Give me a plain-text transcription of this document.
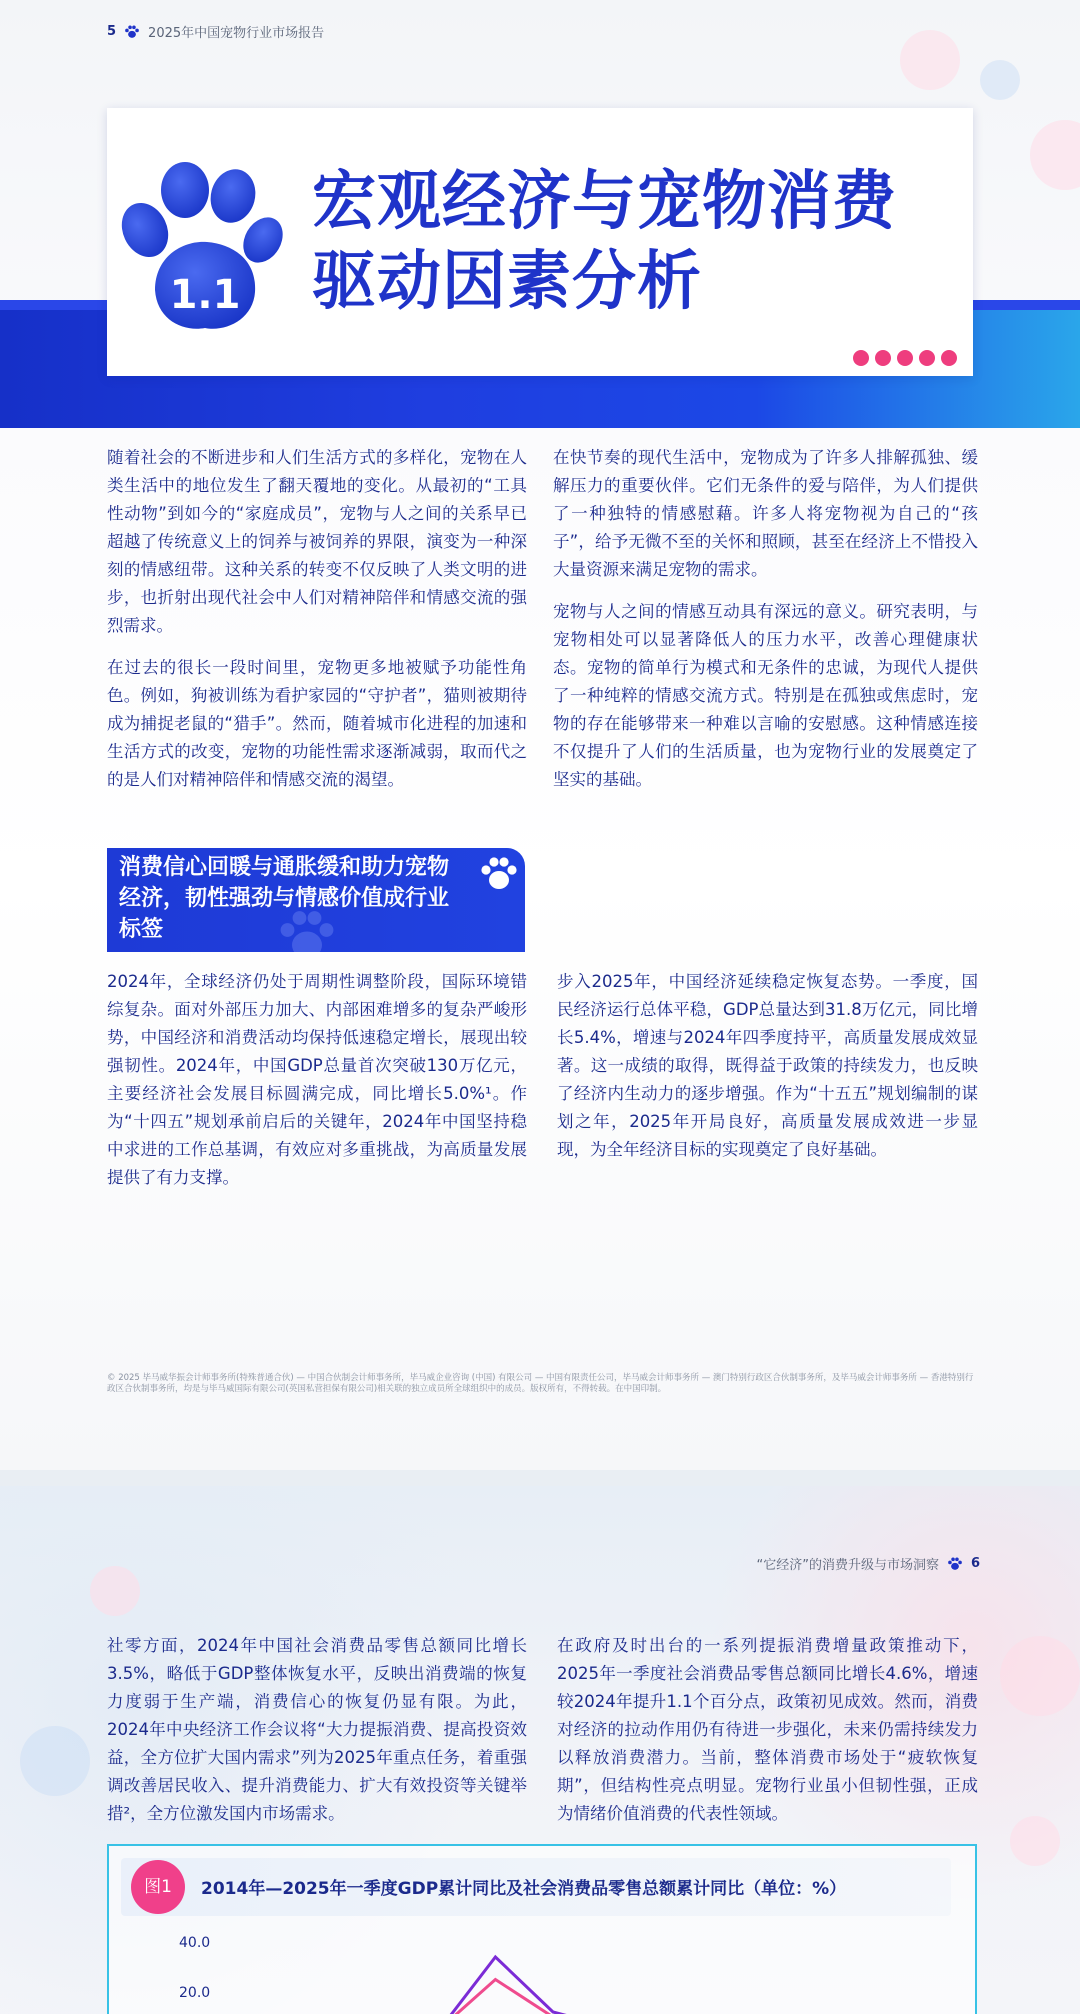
5 2025年中国宠物行业市场报告
1.1
宏观经济与宠物消费
驱动因素分析

随着社会的不断进步和人们生活方式的多样化，宠物在人类生活中的地位发生了翻天覆地的变化。从最初的“工具性动物”到如今的“家庭成员”，宠物与人之间的关系早已超越了传统意义上的饲养与被饲养的界限，演变为一种深刻的情感纽带。这种关系的转变不仅反映了人类文明的进步，也折射出现代社会中人们对精神陪伴和情感交流的强烈需求。

在过去的很长一段时间里，宠物更多地被赋予功能性角色。例如，狗被训练为看护家园的“守护者”，猫则被期待成为捕捉老鼠的“猎手”。然而，随着城市化进程的加速和生活方式的改变，宠物的功能性需求逐渐减弱，取而代之的是人们对精神陪伴和情感交流的渴望。

在快节奏的现代生活中，宠物成为了许多人排解孤独、缓解压力的重要伙伴。它们无条件的爱与陪伴，为人们提供了一种独特的情感慰藉。许多人将宠物视为自己的“孩子”，给予无微不至的关怀和照顾，甚至在经济上不惜投入大量资源来满足宠物的需求。

宠物与人之间的情感互动具有深远的意义。研究表明，与宠物相处可以显著降低人的压力水平，改善心理健康状态。宠物的简单行为模式和无条件的忠诚，为现代人提供了一种纯粹的情感交流方式。特别是在孤独或焦虑时，宠物的存在能够带来一种难以言喻的安慰感。这种情感连接不仅提升了人们的生活质量，也为宠物行业的发展奠定了坚实的基础。

消费信心回暖与通胀缓和助力宠物经济，韧性强劲与情感价值成行业标签

2024年，全球经济仍处于周期性调整阶段，国际环境错综复杂。面对外部压力加大、内部困难增多的复杂严峻形势，中国经济和消费活动均保持低速稳定增长，展现出较强韧性。2024年，中国GDP总量首次突破130万亿元，主要经济社会发展目标圆满完成，同比增长5.0%¹。作为“十四五”规划承前启后的关键年，2024年中国坚持稳中求进的工作总基调，有效应对多重挑战，为高质量发展提供了有力支撑。

步入2025年，中国经济延续稳定恢复态势。一季度，国民经济运行总体平稳，GDP总量达到31.8万亿元，同比增长5.4%，增速与2024年四季度持平，高质量发展成效显著。这一成绩的取得，既得益于政策的持续发力，也反映了经济内生动力的逐步增强。作为“十五五”规划编制的谋划之年，2025年开局良好，高质量发展成效进一步显现，为全年经济目标的实现奠定了良好基础。

© 2025 毕马威华振会计师事务所(特殊普通合伙) — 中国合伙制会计师事务所，毕马威企业咨询 (中国) 有限公司 — 中国有限责任公司，毕马威会计师事务所 — 澳门特别行政区合伙制事务所，及毕马威会计师事务所 — 香港特别行政区合伙制事务所，均是与毕马威国际有限公司(英国私营担保有限公司)相关联的独立成员所全球组织中的成员。版权所有，不得转载。在中国印制。
“它经济”的消费升级与市场洞察 6

社零方面，2024年中国社会消费品零售总额同比增长3.5%，略低于GDP整体恢复水平，反映出消费端的恢复力度弱于生产端，消费信心的恢复仍显有限。为此，2024年中央经济工作会议将“大力提振消费、提高投资效益，全方位扩大国内需求”列为2025年重点任务，着重强调改善居民收入、提升消费能力、扩大有效投资等关键举措²，全方位激发国内市场需求。

在政府及时出台的一系列提振消费增量政策推动下，2025年一季度社会消费品零售总额同比增长4.6%，增速较2024年提升1.1个百分点，政策初见成效。然而，消费对经济的拉动作用仍有待进一步强化，未来仍需持续发力以释放消费潜力。当前，整体消费市场处于“疲软恢复期”，但结构性亮点明显。宠物行业虽小但韧性强，正成为情绪价值消费的代表性领域。

图1	2014年—2025年一季度GDP累计同比及社会消费品零售总额累计同比（单位：%）
40.0
20.0
